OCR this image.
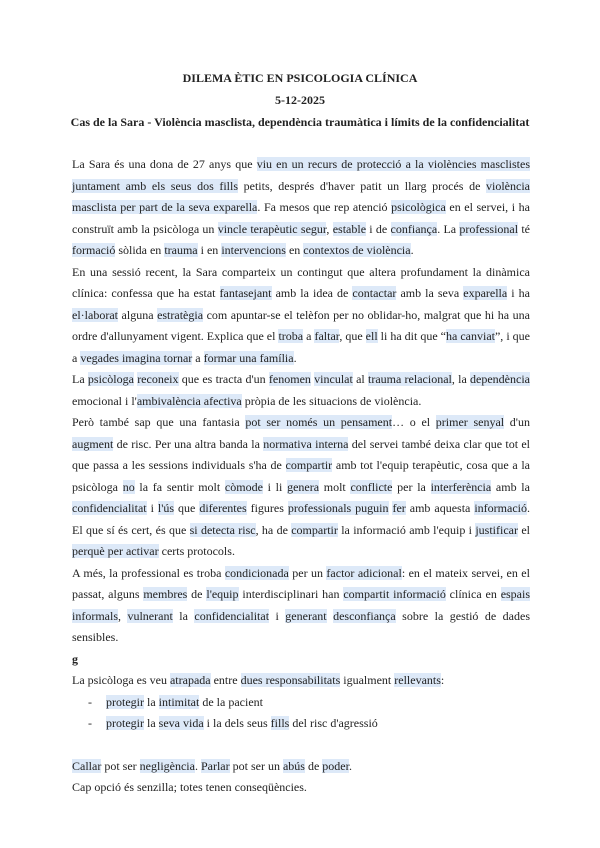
DILEMA ÈTIC EN PSICOLOGIA CLÍNICA
5-12-2025
Cas de la Sara - Violència masclista, dependència traumàtica i límits de la confidencialitat

La Sara és una dona de 27 anys que viu en un recurs de protecció a la violències masclistes juntament amb els seus dos fills petits, després d'haver patit un llarg procés de violència masclista per part de la seva exparella. Fa mesos que rep atenció psicològica en el servei, i ha construït amb la psicòloga un vincle terapèutic segur, estable i de confiança. La professional té formació sòlida en trauma i en intervencions en contextos de violència.

En una sessió recent, la Sara comparteix un contingut que altera profundament la dinàmica clínica: confessa que ha estat fantasejant amb la idea de contactar amb la seva exparella i ha el·laborat alguna estratègia com apuntar-se el telèfon per no oblidar-ho, malgrat que hi ha una ordre d'allunyament vigent. Explica que el troba a faltar, que ell li ha dit que “ha canviat”, i que a vegades imagina tornar a formar una família.

La psicòloga reconeix que es tracta d'un fenomen vinculat al trauma relacional, la dependència emocional i l'ambivalència afectiva pròpia de les situacions de violència.

Però també sap que una fantasia pot ser només un pensament… o el primer senyal d'un augment de risc. Per una altra banda la normativa interna del servei també deixa clar que tot el que passa a les sessions individuals s'ha de compartir amb tot l'equip terapèutic, cosa que a la psicòloga no la fa sentir molt còmode i li genera molt conflicte per la interferència amb la confidencialitat i l'ús que diferentes figures professionals puguin fer amb aquesta informació. El que sí és cert, és que si detecta risc, ha de compartir la informació amb l'equip i justificar el perquè per activar certs protocols.

A més, la professional es troba condicionada per un factor adicional: en el mateix servei, en el passat, alguns membres de l'equip interdisciplinari han compartit informació clínica en espais informals, vulnerant la confidencialitat i generant desconfiança sobre la gestió de dades sensibles.

g

La psicòloga es veu atrapada entre dues responsabilitats igualment rellevants:

- protegir la intimitat de la pacient
- protegir la seva vida i la dels seus fills del risc d'agressió

Callar pot ser negligència. Parlar pot ser un abús de poder.

Cap opció és senzilla; totes tenen conseqüències.
